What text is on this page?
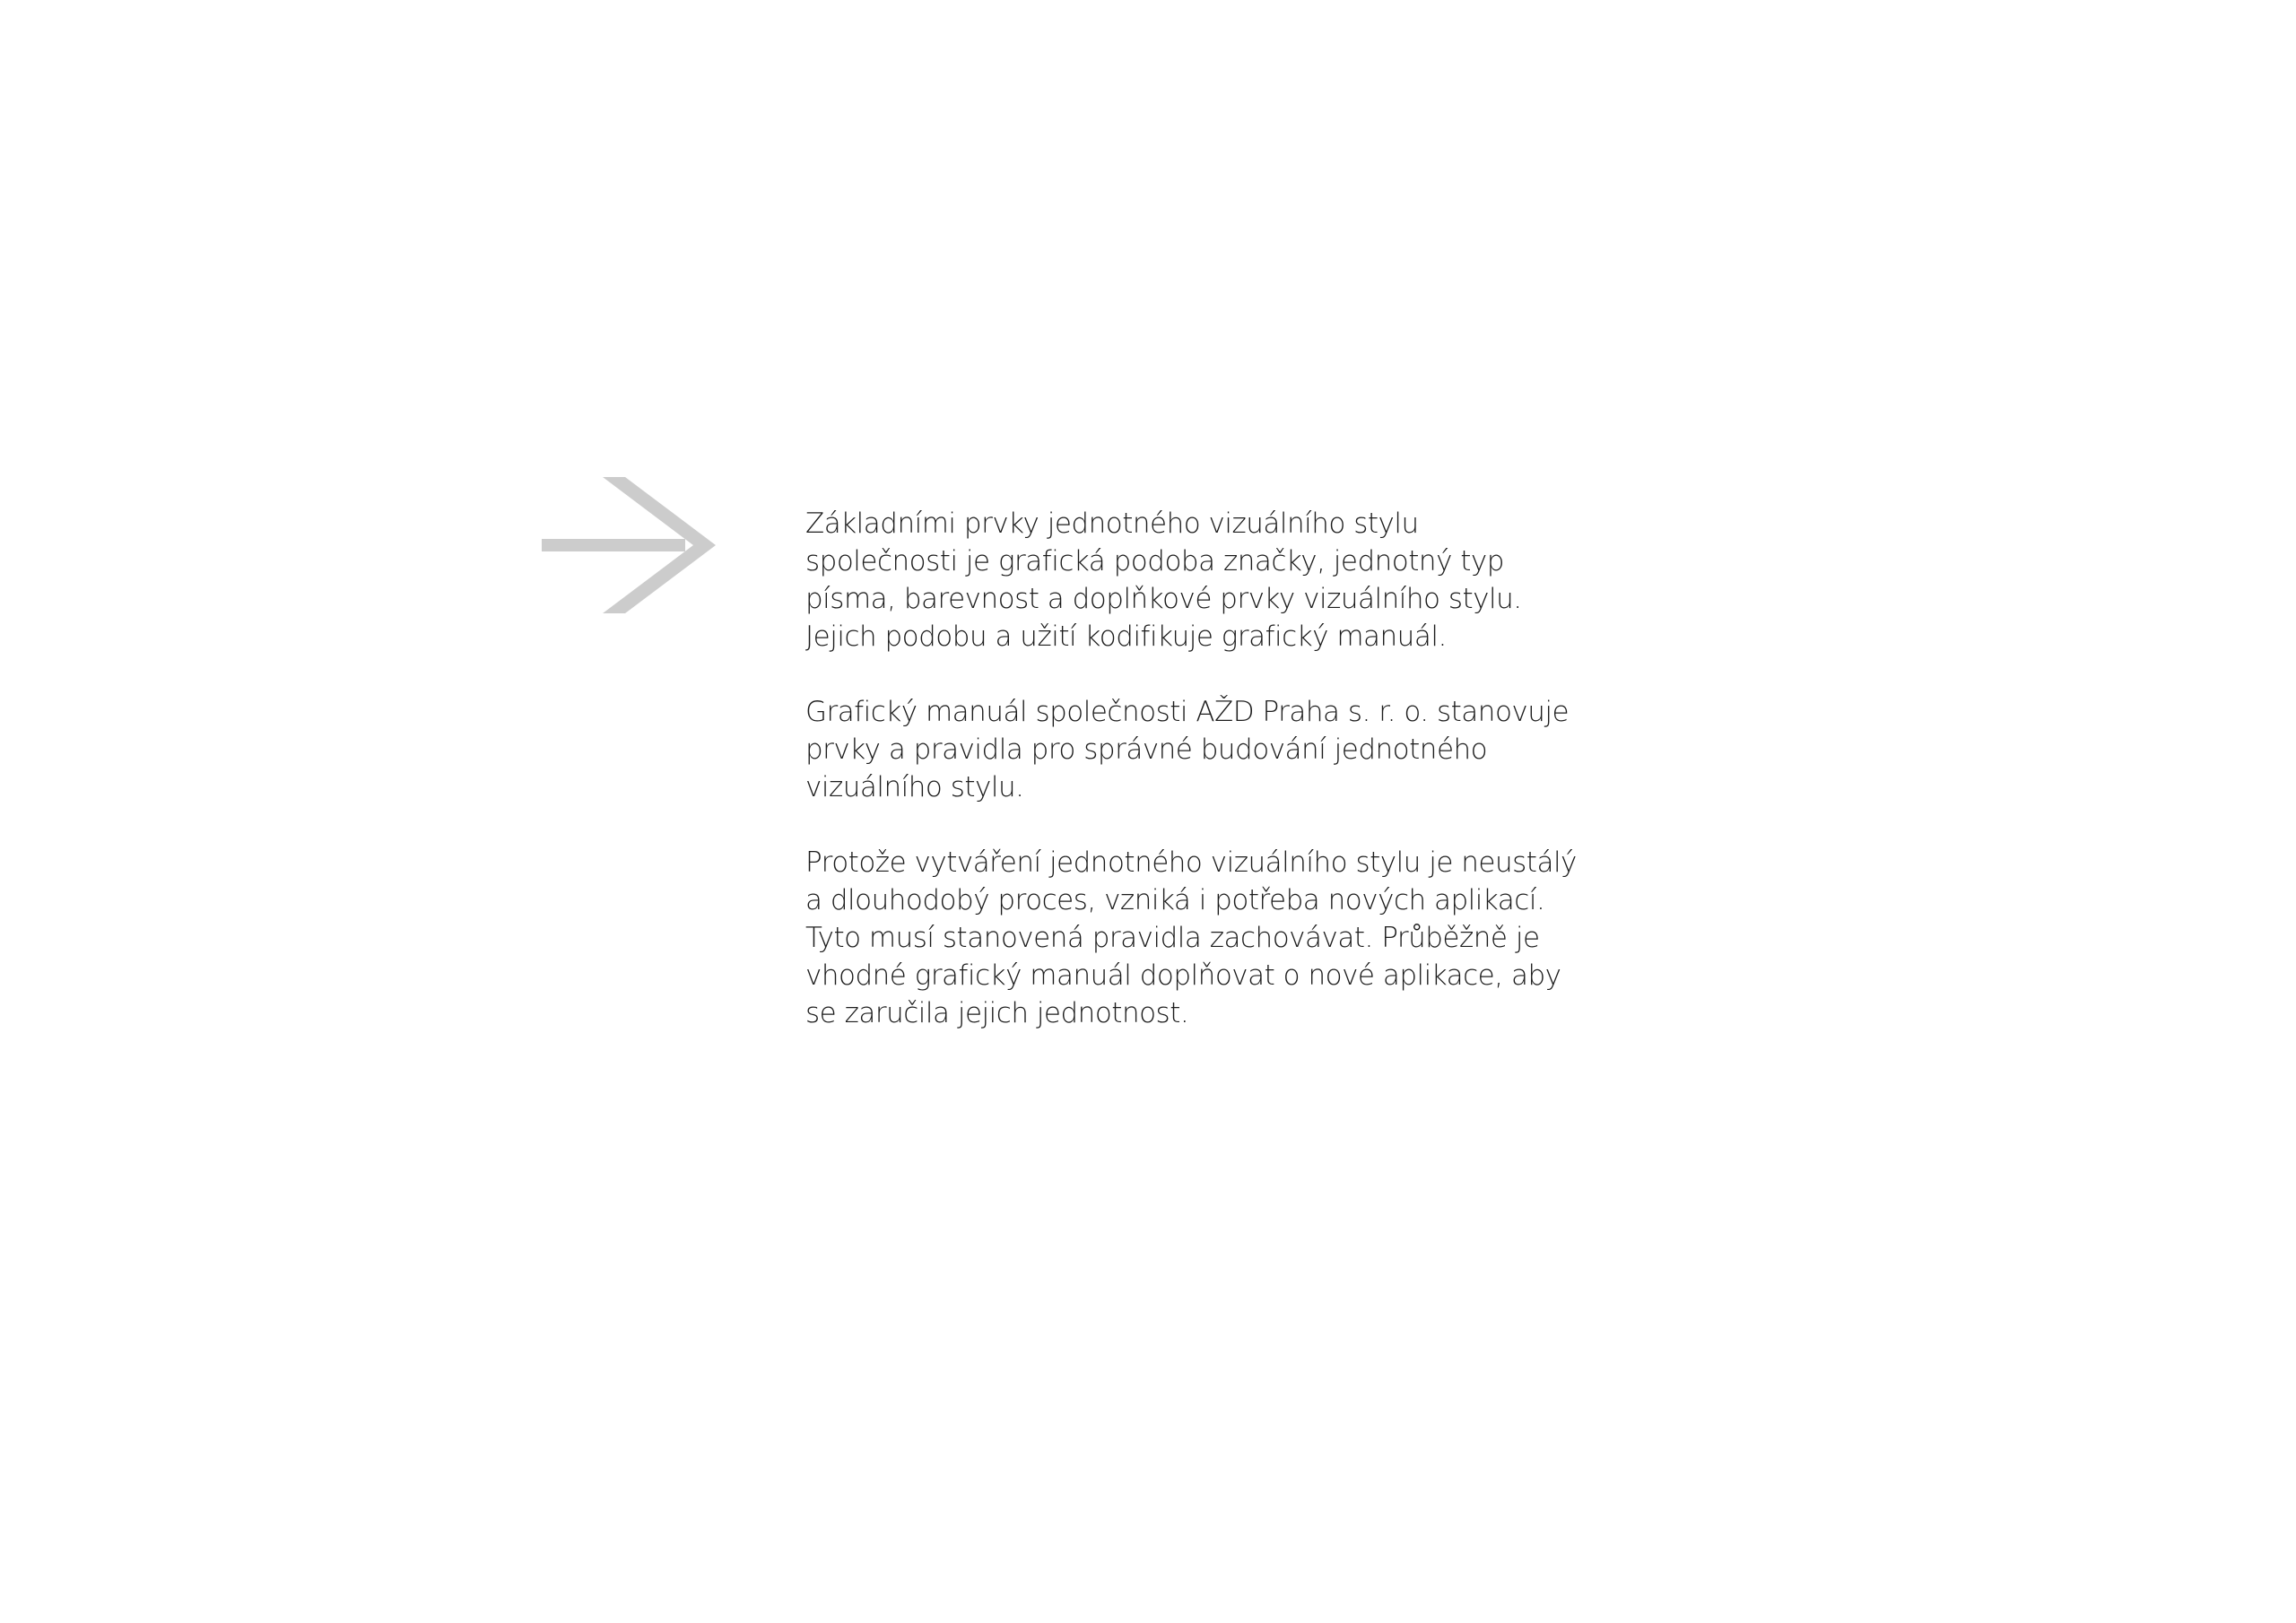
Základními prvky jednotného vizuálního stylu
společnosti je grafická podoba značky, jednotný typ
písma, barevnost a doplňkové prvky vizuálního stylu.
Jejich podobu a užití kodifikuje grafický manuál.

Grafický manuál společnosti AŽD Praha s. r. o. stanovuje
prvky a pravidla pro správné budování jednotného
vizuálního stylu.

Protože vytváření jednotného vizuálního stylu je neustálý
a dlouhodobý proces, vzniká i potřeba nových aplikací.
Tyto musí stanovená pravidla zachovávat. Průběžně je
vhodné grafický manuál doplňovat o nové aplikace, aby
se zaručila jejich jednotnost.
